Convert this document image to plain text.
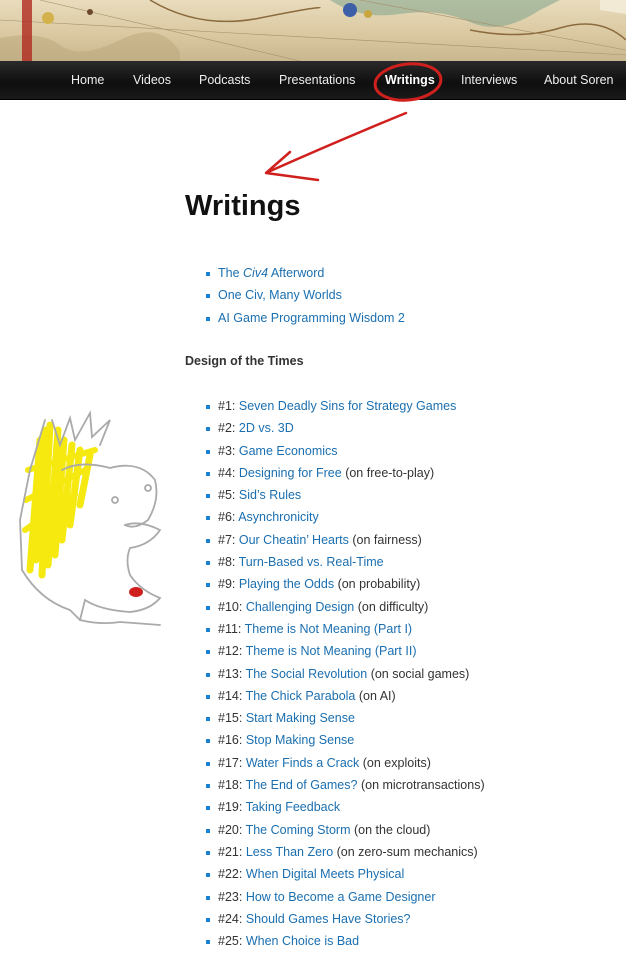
Home Videos Podcasts Presentations Writings Interviews About Soren
Writings
The Civ4 Afterword
One Civ, Many Worlds
AI Game Programming Wisdom 2
Design of the Times
#1: Seven Deadly Sins for Strategy Games
#2: 2D vs. 3D
#3: Game Economics
#4: Designing for Free (on free-to-play)
#5: Sid’s Rules
#6: Asynchronicity
#7: Our Cheatin’ Hearts (on fairness)
#8: Turn-Based vs. Real-Time
#9: Playing the Odds (on probability)
#10: Challenging Design (on difficulty)
#11: Theme is Not Meaning (Part I)
#12: Theme is Not Meaning (Part II)
#13: The Social Revolution (on social games)
#14: The Chick Parabola (on AI)
#15: Start Making Sense
#16: Stop Making Sense
#17: Water Finds a Crack (on exploits)
#18: The End of Games? (on microtransactions)
#19: Taking Feedback
#20: The Coming Storm (on the cloud)
#21: Less Than Zero (on zero-sum mechanics)
#22: When Digital Meets Physical
#23: How to Become a Game Designer
#24: Should Games Have Stories?
#25: When Choice is Bad
